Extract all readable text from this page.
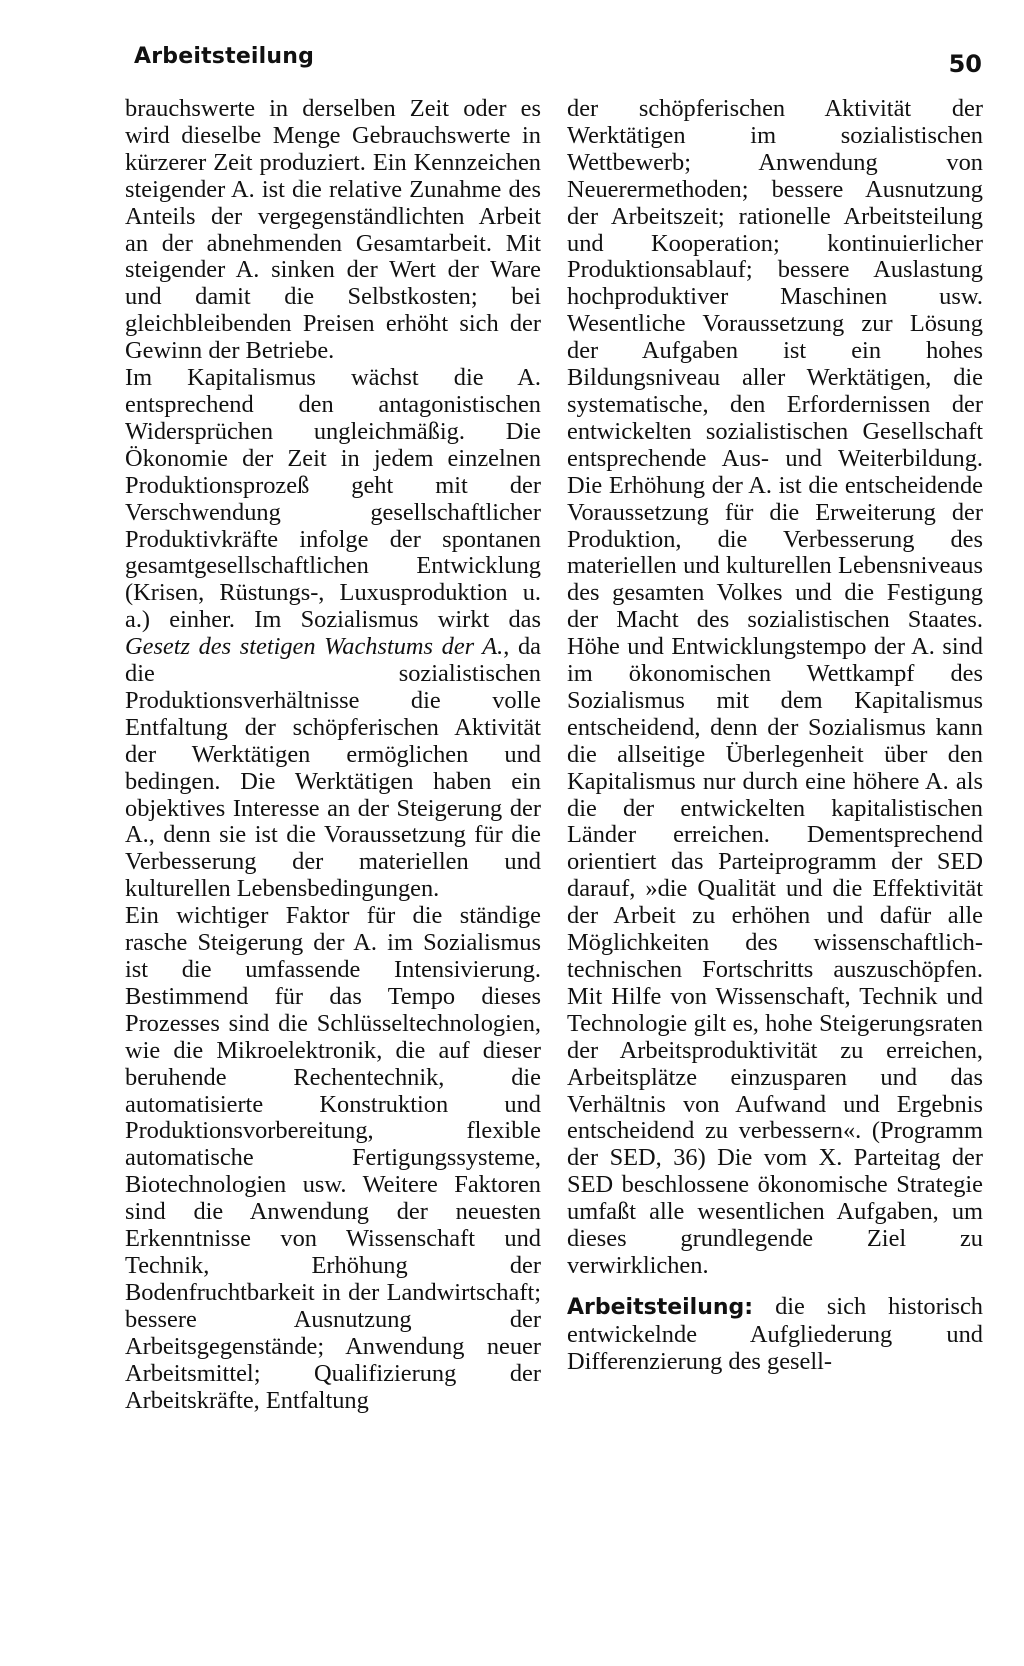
Arbeitsteilung	50

brauchswerte in derselben Zeit oder es wird dieselbe Menge Gebrauchswerte in kürzerer Zeit produziert. Ein Kennzeichen steigender A. ist die relative Zunahme des Anteils der vergegenständlichten Arbeit an der abnehmenden Gesamtarbeit. Mit steigender A. sinken der Wert der Ware und damit die Selbstkosten; bei gleichbleibenden Preisen erhöht sich der Gewinn der Betriebe.

Im Kapitalismus wächst die A. entsprechend den antagonistischen Widersprüchen ungleichmäßig. Die Ökonomie der Zeit in jedem einzelnen Produktionsprozeß geht mit der Verschwendung gesellschaftlicher Produktivkräfte infolge der spontanen gesamtgesellschaftlichen Entwicklung (Krisen, Rüstungs-, Luxusproduktion u. a.) einher. Im Sozialismus wirkt das Gesetz des stetigen Wachstums der A., da die sozialistischen Produktionsverhältnisse die volle Entfaltung der schöpferischen Aktivität der Werktätigen ermöglichen und bedingen. Die Werktätigen haben ein objektives Interesse an der Steigerung der A., denn sie ist die Voraussetzung für die Verbesserung der materiellen und kulturellen Lebensbedingungen.

Ein wichtiger Faktor für die ständige rasche Steigerung der A. im Sozialismus ist die umfassende Intensivierung. Bestimmend für das Tempo dieses Prozesses sind die Schlüsseltechnologien, wie die Mikroelektronik, die auf dieser beruhende Rechentechnik, die automatisierte Konstruktion und Produktionsvorbereitung, flexible automatische Fertigungssysteme, Biotechnologien usw. Weitere Faktoren sind die Anwendung der neuesten Erkenntnisse von Wissenschaft und Technik, Erhöhung der Bodenfruchtbarkeit in der Landwirtschaft; bessere Ausnutzung der Arbeitsgegenstände; Anwendung neuer Arbeitsmittel; Qualifizierung der Arbeitskräfte, Entfaltung

der schöpferischen Aktivität der Werktätigen im sozialistischen Wettbewerb; Anwendung von Neuerermethoden; bessere Ausnutzung der Arbeitszeit; rationelle Arbeitsteilung und Kooperation; kontinuierlicher Produktionsablauf; bessere Auslastung hochproduktiver Maschinen usw. Wesentliche Voraussetzung zur Lösung der Aufgaben ist ein hohes Bildungsniveau aller Werktätigen, die systematische, den Erfordernissen der entwickelten sozialistischen Gesellschaft entsprechende Aus- und Weiterbildung. Die Erhöhung der A. ist die entscheidende Voraussetzung für die Erweiterung der Produktion, die Verbesserung des materiellen und kulturellen Lebensniveaus des gesamten Volkes und die Festigung der Macht des sozialistischen Staates. Höhe und Entwicklungstempo der A. sind im ökonomischen Wettkampf des Sozialismus mit dem Kapitalismus entscheidend, denn der Sozialismus kann die allseitige Überlegenheit über den Kapitalismus nur durch eine höhere A. als die der entwickelten kapitalistischen Länder erreichen. Dementsprechend orientiert das Parteiprogramm der SED darauf, »die Qualität und die Effektivität der Arbeit zu erhöhen und dafür alle Möglichkeiten des wissenschaftlich-technischen Fortschritts auszuschöpfen. Mit Hilfe von Wissenschaft, Technik und Technologie gilt es, hohe Steigerungsraten der Arbeitsproduktivität zu erreichen, Arbeitsplätze einzusparen und das Verhältnis von Aufwand und Ergebnis entscheidend zu verbessern«. (Programm der SED, 36) Die vom X. Parteitag der SED beschlossene ökonomische Strategie umfaßt alle wesentlichen Aufgaben, um dieses grundlegende Ziel zu verwirklichen.

Arbeitsteilung: die sich historisch entwickelnde Aufgliederung und Differenzierung des gesell-
